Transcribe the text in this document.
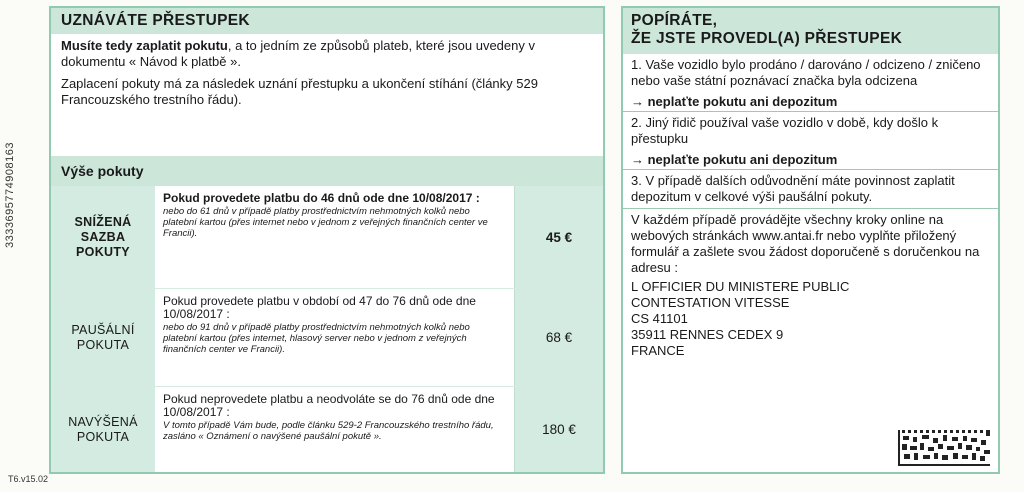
3333695774908163
T6.v15.02
UZNÁVÁTE PŘESTUPEK

Musíte tedy zaplatit pokutu, a to jedním ze způsobů plateb, které jsou uvedeny v dokumentu « Návod k platbě ».

Zaplacení pokuty má za následek uznání přestupku a ukončení stíhání (články 529 Francouzského trestního řádu).

Výše pokuty
SNÍŽENÁ
SAZBA
POKUTY
Pokud provedete platbu do 46 dnů ode dne 10/08/2017 :
nebo do 61 dnů v případě platby prostřednictvím nehmotných kolků nebo platební kartou (přes internet nebo v jednom z veřejných finančních center ve Francii).	45 €
PAUŠÁLNÍ
POKUTA
Pokud provedete platbu v období od 47 do 76 dnů ode dne 10/08/2017 :
nebo do 91 dnů v případě platby prostřednictvím nehmotných kolků nebo platební kartou (přes internet, hlasový server nebo v jednom z veřejných finančních center ve Francii).
68 €
NAVÝŠENÁ
POKUTA
Pokud neprovedete platbu a neodvoláte se do 76 dnů ode dne 10/08/2017 :
V tomto případě Vám bude, podle článku 529-2 Francouzského trestního řádu, zasláno « Oznámení o navýšené paušální pokutě ».	180 €
POPÍRÁTE,
ŽE JSTE PROVEDL(A) PŘESTUPEK
1. Vaše vozidlo bylo prodáno / darováno / odcizeno / zničeno nebo vaše státní poznávací značka byla odcizena
→ neplaťte pokutu ani depozitum
2. Jiný řidič používal vaše vozidlo v době, kdy došlo k přestupku
→ neplaťte pokutu ani depozitum
3. V případě dalších odůvodnění máte povinnost zaplatit depozitum v celkové výši paušální pokuty.
V každém případě provádějte všechny kroky online na webových stránkách www.antai.fr nebo vyplňte přiložený formulář a zašlete svou žádost doporučeně s doručenkou na adresu :
L OFFICIER DU MINISTERE PUBLIC
CONTESTATION VITESSE
CS 41101
35911 RENNES CEDEX 9
FRANCE
